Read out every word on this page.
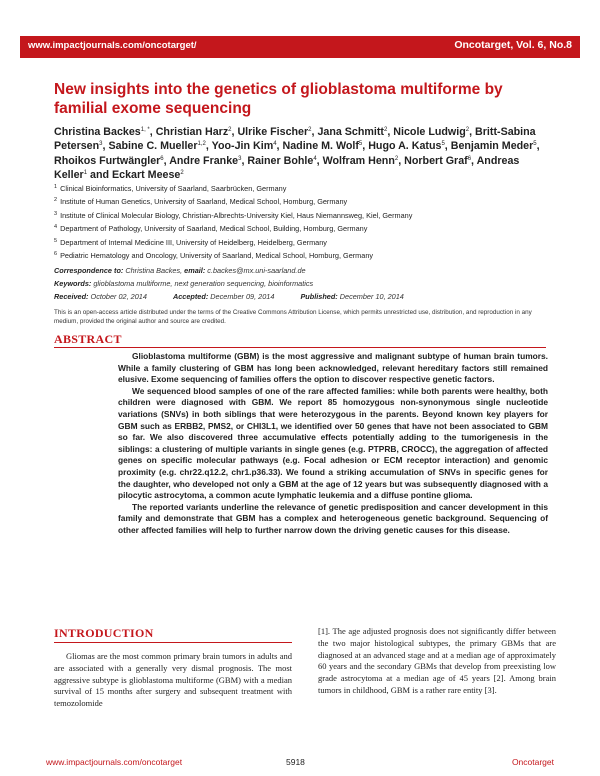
www.impactjournals.com/oncotarget/	Oncotarget, Vol. 6, No.8
New insights into the genetics of glioblastoma multiforme by familial exome sequencing
Christina Backes$^{1, *}$, Christian Harz$^2$, Ulrike Fischer$^2$, Jana Schmitt$^2$, Nicole Ludwig$^2$, Britt-Sabina Petersen$^3$, Sabine C. Mueller$^{1,2}$, Yoo-Jin Kim$^4$, Nadine M. Wolf$^5$, Hugo A. Katus$^5$, Benjamin Meder$^5$, Rhoikos Furtwängler$^6$, Andre Franke$^3$, Rainer Bohle$^4$, Wolfram Henn$^2$, Norbert Graf$^6$, Andreas Keller$^1$ and Eckart Meese$^2$
$^1$ Clinical Bioinformatics, University of Saarland, Saarbrücken, Germany
$^2$ Institute of Human Genetics, University of Saarland, Medical School, Homburg, Germany
$^3$ Institute of Clinical Molecular Biology, Christian-Albrechts-University Kiel, Haus Niemannsweg, Kiel, Germany
$^4$ Department of Pathology, University of Saarland, Medical School, Building, Homburg, Germany
$^5$ Department of Internal Medicine III, University of Heidelberg, Heidelberg, Germany
$^6$ Pediatric Hematology and Oncology, University of Saarland, Medical School, Homburg, Germany
Correspondence to: Christina Backes, email: c.backes@mx.uni-saarland.de
Keywords: glioblastoma multiforme, next generation sequencing, bioinformatics
Received: October 02, 2014	Accepted: December 09, 2014	Published: December 10, 2014
This is an open-access article distributed under the terms of the Creative Commons Attribution License, which permits unrestricted use, distribution, and reproduction in any medium, provided the original author and source are credited.
ABSTRACT

Glioblastoma multiforme (GBM) is the most aggressive and malignant subtype of human brain tumors. While a family clustering of GBM has long been acknowledged, relevant hereditary factors still remained elusive. Exome sequencing of families offers the option to discover respective genetic factors.

We sequenced blood samples of one of the rare affected families: while both parents were healthy, both children were diagnosed with GBM. We report 85 homozygous non-synonymous single nucleotide variations (SNVs) in both siblings that were heterozygous in the parents. Beyond known key players for GBM such as ERBB2, PMS2, or CHI3L1, we identified over 50 genes that have not been associated to GBM so far. We also discovered three accumulative effects potentially adding to the tumorigenesis in the siblings: a clustering of multiple variants in single genes (e.g. PTPRB, CROCC), the aggregation of affected genes on specific molecular pathways (e.g. Focal adhesion or ECM receptor interaction) and genomic proximity (e.g. chr22.q12.2, chr1.p36.33). We found a striking accumulation of SNVs in specific genes for the daughter, who developed not only a GBM at the age of 12 years but was subsequently diagnosed with a pilocytic astrocytoma, a common acute lymphatic leukemia and a diffuse pontine glioma.

The reported variants underline the relevance of genetic predisposition and cancer development in this family and demonstrate that GBM has a complex and heterogeneous genetic background. Sequencing of other affected families will help to further narrow down the driving genetic causes for this disease.

INTRODUCTION

Gliomas are the most common primary brain tumors in adults and are associated with a generally very dismal prognosis. The most aggressive subtype is glioblastoma multiforme (GBM) with a median survival of 15 months after surgery and subsequent treatment with temozolomide

[1]. The age adjusted prognosis does not significantly differ between the two major histological subtypes, the primary GBMs that are diagnosed at an advanced stage and at a median age of approximately 60 years and the secondary GBMs that develop from preexisting low grade astrocytoma at a median age of 45 years [2]. Among brain tumors in childhood, GBM is a rather rare entity [3].

www.impactjournals.com/oncotarget	5918	Oncotarget
